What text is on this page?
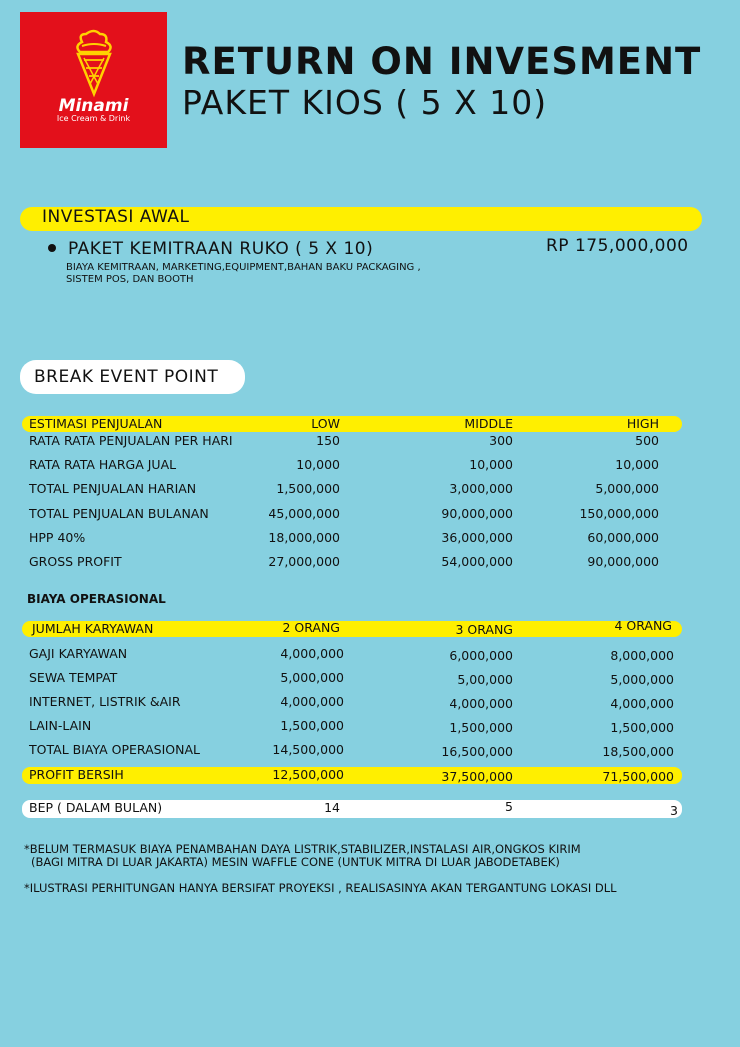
Minami
Ice Cream & Drink
RETURN ON INVESMENT
PAKET KIOS ( 5 X 10)
INVESTASI AWAL
PAKET KEMITRAAN RUKO ( 5 X 10)
BIAYA KEMITRAAN, MARKETING,EQUIPMENT,BAHAN BAKU PACKAGING , SISTEM POS, DAN BOOTH
RP 175,000,000
BREAK EVENT POINT
ESTIMASI PENJUALAN	LOW	MIDDLE	HIGH
RATA RATA PENJUALAN PER HARI	150	300	500
RATA RATA HARGA JUAL	10,000	10,000	10,000
TOTAL PENJUALAN HARIAN	1,500,000	3,000,000	5,000,000
TOTAL PENJUALAN BULANAN	45,000,000	90,000,000	150,000,000
HPP 40%	18,000,000	36,000,000	60,000,000
GROSS PROFIT	27,000,000	54,000,000	90,000,000
BIAYA OPERASIONAL
JUMLAH KARYAWAN	2 ORANG	3 ORANG	4 ORANG
GAJI KARYAWAN	4,000,000	6,000,000	8,000,000
SEWA TEMPAT	5,000,000	5,00,000	5,000,000
INTERNET, LISTRIK &AIR	4,000,000	4,000,000	4,000,000
LAIN-LAIN	1,500,000	1,500,000	1,500,000
TOTAL BIAYA OPERASIONAL	14,500,000	16,500,000	18,500,000
PROFIT BERSIH	12,500,000	37,500,000	71,500,000
BEP ( DALAM BULAN)	14	5	3
*BELUM TERMASUK BIAYA PENAMBAHAN DAYA LISTRIK,STABILIZER,INSTALASI AIR,ONGKOS KIRIM
(BAGI MITRA DI LUAR JAKARTA) MESIN WAFFLE CONE (UNTUK MITRA DI LUAR JABODETABEK)
*ILUSTRASI PERHITUNGAN HANYA BERSIFAT PROYEKSI , REALISASINYA AKAN TERGANTUNG LOKASI DLL
